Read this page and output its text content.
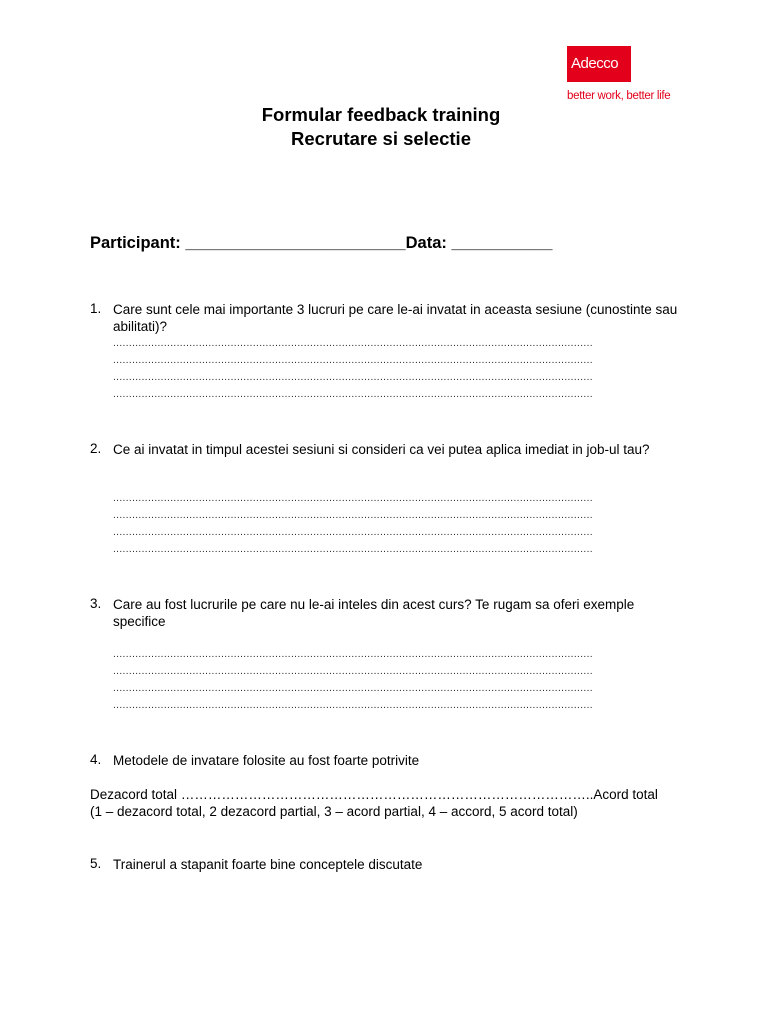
Adecco
better work, better life
Formular feedback training
Recrutare si selectie
Participant: ________________________Data: ___________
1. Care sunt cele mai importante 3 lucruri pe care le-ai invatat in aceasta sesiune (cunostinte sau abilitati)?
.......................................................................................................................................................
.......................................................................................................................................................
.......................................................................................................................................................
.......................................................................................................................................................
2. Ce ai invatat in timpul acestei sesiuni si consideri ca vei putea aplica imediat in job-ul tau?
.......................................................................................................................................................
.......................................................................................................................................................
.......................................................................................................................................................
.......................................................................................................................................................
3. Care au fost lucrurile pe care nu le-ai inteles din acest curs? Te rugam sa oferi exemple specifice
.......................................................................................................................................................
.......................................................................................................................................................
.......................................................................................................................................................
.......................................................................................................................................................
4. Metodele de invatare folosite au fost foarte potrivite
Dezacord total ………………………………………………………………………………..Acord total
(1 – dezacord total, 2 dezacord partial, 3 – acord partial, 4 – accord, 5 acord total)
5. Trainerul a stapanit foarte bine conceptele discutate
